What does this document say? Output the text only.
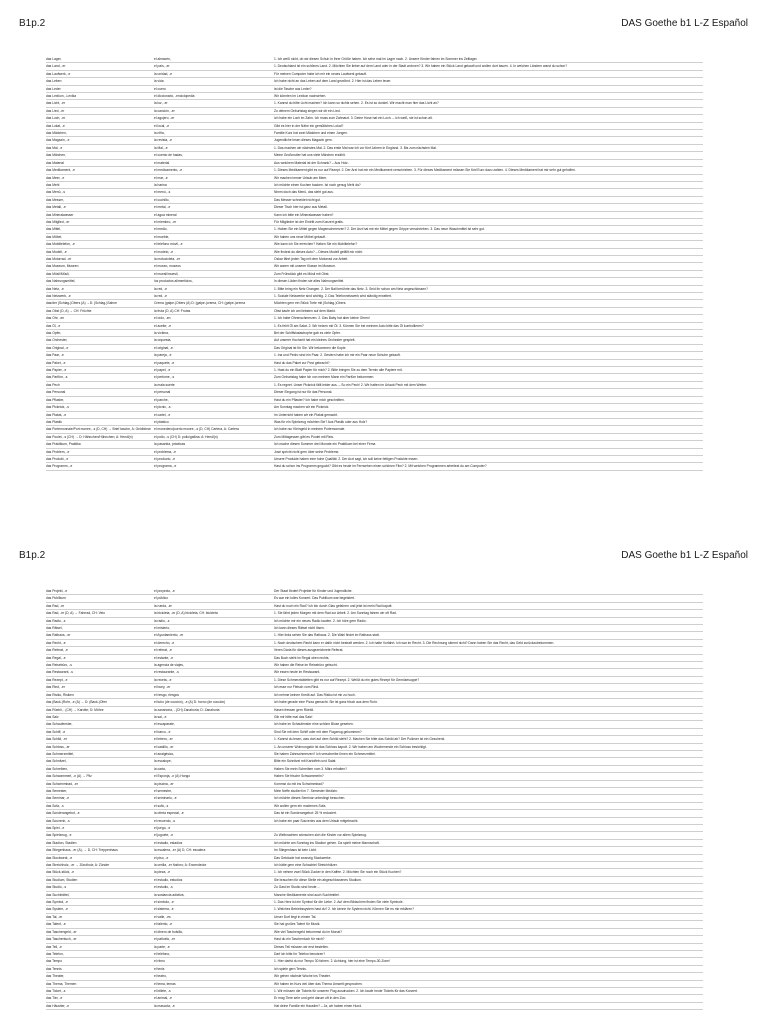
B1p.2	DAS Goethe b1 L-Z Español
das Lager,	el almacén,	1. Ich weiß nicht, ob wir diesen Schuh in Ihrer Größe haben. Ich sehe mal im Lager nach. 2. Unsere Kinder fahren im Sommer ins Zeltlager.
das Land, -er	el país, -er	1. Deutschland ist ein schönes Land. 2. Möchten Sie lieber auf dem Land oder in der Stadt wohnen? 3. Wir haben ein Stück Land gekauft und wollen dort bauen. 4. In welchen Ländern warst du schon?
das Laufwerk, -e	la unidad, -e	Für meinen Computer habe ich mir ein neues Laufwerk gekauft.
das Leben	la vida	Ich habe nicht an das Leben auf dem Land gewöhnt. 2. Hier ist das Leben teuer.
das Leder	el cuero	Ist die Tasche aus Leder?
das Lexikon, -Lexika	el diccionario, -enciclopedia	Wir könnten im Lexikon nachsehen.
das Licht, -er	la luz, -er	1. Kannst du bitte Licht machen? Ich kann so nichts sehen. 2. Es ist so dunkel. Wir macht man hier das Licht an?
das Lied, -er	la canción, -er	Zu deinem Geburtstag singen wir dir ein Lied.
das Loch, -er	el agujero, -er	Ich habe ein Loch im Zahn. Ich muss zum Zahnarzt. 3. Deine Hose hat ein Loch. – Ich weiß, sie ist schon alt.
das Lokal, -e	el local, -e	Gibt es hier in der Nähe ein gemütliches Lokal?
das Mädchen,	la niña,	Familie Kurz hat zwei Mädchen und einen Jungen.
das Magazin, -e	la revista, -e	Jugendliche lesen dieses Magazin gern.
das Mal, -e	la Mal, -e	1. Das machen wir nächstes Mal. 2. Das erste Mal war ich vor fünf Jahren in England. 3. Bis zum nächsten Mal.
das Märchen,	el cuento de hadas,	Meine Großmutter hat uns viele Märchen erzählt.
das Material	el material	Aus welchem Material ist der Schrank? – Aus Holz.
das Medikament, -e	el medicamento, -e	1. Dieses Medikament gibt es nur auf Rezept. 2. Der Arzt hat mir ein Medikament verschrieben. 3. Für dieses Medikament müssen Sie fünf Euro dazu zahlen. 4. Dieses Medikament hat mir sehr gut geholfen.
das Meer, -e	el mar, -e	Wir machen immer Urlaub am Meer.
das Mehl	la harina	Ich möchte einen Kuchen backen. Ist noch genug Mehl da?
das Menü, -s	el menú, -s	Nimm doch das Menü, das sieht gut aus.
das Messer,	el cuchillo,	Das Messer schneidet nicht gut.
das Metall, -e	el metal, -e	Dieser Tisch hier ist ganz aus Metall.
das Mineralwasser	el agua mineral	Kann ich bitte ein Mineralwasser haben?
das Mitglied, -er	el miembro, -er	Für Mitglieder ist der Eintritt zum Konzert gratis.
das Mittel,	el medio,	1. Haben Sie ein Mittel gegen Magenschmerzen? 2. Der Arzt hat mir ein Mittel gegen Grippe verschrieben. 3. Das neue Waschmittel ist sehr gut.
das Möbel,	el mueble,	Wir haben uns neue Möbel gekauft.
das Mobiltelefon, -e	el teléfono móvil, -e	Wie kann ich Sie erreichen? Haben Sie ein Mobiltelefon?
das Modell, -e	el modelo, -e	Wie findest du dieses Auto? – Dieses Modell gefällt mir nicht.
das Motorrad, -er	la motocicleta, -er	Oskar fährt jeden Tag mit dem Motorrad zur Arbeit.
das Museum, Museen	el museo, museos	Wir waren mit unserer Klasse im Museum.
das Müsli/Müsli,	el muesli/muesli,	Zum Frühstück gibt es Müsli mit Obst.
das Nahrungsmittel,	los productos alimenticios,	In diesen Läden finden sie alles Nahrungsmittel.
das Netz, -e	la red, -e	1. Bitte bring ein Netz Orangen. 2. Der Ball berührte das Netz. 3. Seid ihr schon am Netz angeschlossen?
das Netzwerk, -e	la red, -e	1. Soziale Netzwerke sind wichtig. 2. Das Telefonnetzwerk wird ständig erweitert.
das/der (Schlag-)Obers (A) →D: (Schlag-)Sahne	Crema (galpe-)Obers (A) D: (galpe-)crema, CH: (galpe-)crema	Möchten gern ein Stück Torte mit (Schlag-)Obers.
das Obst (D, A) → CH: Früchte	la fruta (D, A) CH: Frutas	Obst kaufe ich am liebsten auf dem Markt.
das Ohr, -en	el oído, -en	1. Ich habe Ohrenschmerzen. 2. Das Baby hat aber kleine Ohren!
das Öl, -e	el aceite, -e	1. Es fehlt Öl am Salat. 2. Wir heizen mit Öl. 3. Können Sie bei meinem Auto bitte das Öl kontrollieren?
das Opfer,	la víctima,	Bei der Schiffskatastrophe gab es viele Opfer.
das Orchester,	la orquesta,	Auf unserer Hochzeit hat ein kleines Orchester gespielt.
das Original, -e	el original, -e	Das Original ist für Sie. Wir bekommen die Kopie.
das Paar, -e	la pareja, -e	1. Ina und Pedro sind ein Paar. 2. Gestern habe ich mir ein Paar neue Schuhe gekauft.
das Paket, -e	el paquete, -e	Hast du das Paket zur Post gebracht?
das Papier, -e	el papel, -e	1. Hast du ein Blatt Papier für mich? 2. Bitte bringen Sie zu dem Termin alle Papiere mit.
das Parfüm, -s	el perfume, -s	Zum Geburtstag habe ich von meinem Mann ein Parfüm bekommen.
das Pech	la mala suerte	1. Es regnet. Unser Picknick fällt leider aus. – So ein Pech! 2. Wir hatten im Urlaub Pech mit dem Wetter.
das Personal	el personal	Dieser Eingang ist nur für das Personal.
das Pflaster,	el parche,	Hast du ein Pflaster? Ich habe mich geschnitten.
das Picknick, -s	el picnic, -s	Am Sonntag machen wir ein Picknick.
das Plakat, -e	el cartel, -e	Im Unterricht haben wir ein Plakat gemacht.
das Plastik	el plástico	Was für ein Spielzeug möchten Sie? Aus Plastik oder aus Holz?
das Portemonnaie/Port monee, -s (D, CH) → Brief tasche, A: Geldbörse	el monedero/puerto monee, -s (D, CH) Cartera, A: Cartera	Ich habe nur Kleingeld in meinem Portemonnaie.
das Poulet, -s (CH) → D: Hähnchen/Hühnchen; A: Hendl(n)	el pollo, -s (CH) D: pollo/gallina; A: Hendl(n)	Zum Mittagessen gibt es Poulet mit Reis.
das Praktikum, Praktika	la pasantía, prácticas	Ich mache diesen Sommer drei Monate ein Praktikum bei einer Firma
das Problem, -e	el problema, -e	José spricht nicht gern über seine Probleme.
das Produkt, -e	el producto, -e	Unsere Produkte haben eine hohe Qualität. 2. Der Arzt sagt, ich soll keine fettigen Produkte essen.
das Programm, -e	el programa, -e	Hast du schon ins Programm geguckt? Gibt es heute im Fernsehen einen schönen Film? 2. Mit welchen Programmen arbeitest du am Computer?
B1p.2	DAS Goethe b1 L-Z Español
das Projekt, -e	el proyecto, -e	Der Staat fördert Projekte für Kinder und Jugendliche.
das Publikum	el público	Es war ein tolles Konzert. Das Publikum war begeistert.
das Rad, -er	la rueda, -er	Hast du noch ein Rad? Ich bin durch Glas gefahren und jetzt ist mein Rad kaputt.
das Rad, -er (D, A) → Fahrrad, CH: Velo	la bicicleta, -er (D, A) bicicleta, CH: bicicleta	1. Sie fährt jeden Morgen mit dem Rad zur Arbeit. 2. Am Sonntag fahren wir oft Rad.
das Radio, -s	la radio, -s	Ich möchte mir ein neues Radio kaufen. 2. Ich höre gern Radio.
das Rätsel,	el misterio,	Ich kann dieses Rätsel nicht lösen.
das Rathaus, -er	el Ayuntamiento, -er	1. Hier links sehen Sie das Rathaus. 2. Die Wahl findet im Rathaus statt.
das Recht, -e	el derecho, -e	1. Nach deutschem Recht kann er dafür nicht bestraft werden. 2. Ich hatte Vorfahrt. Ich war im Recht. 3. Die Rechnung stimmt nicht? Dann haben Sie das Recht, das Geld zurückzubekommen.
das Referat, -e	el referat, -e	Veren Daria für dieses ausgezeichnete Referat.
das Regal, -e	el estante, -e	Das Buch steht im Regal oben rechts.
das Reisebüro, -s	la agencia de viajes,	Wir haben die Reise im Reisebüro gebucht.
das Restaurant, -s	el restaurante, -s	Wir essen heute im Restaurant.
das Rezept, -e	la receta, -e	1. Diese Schmerztabletten gibt es nur auf Rezept. 2. Weißt du ein gutes Rezept für Gemüsesuppe?
das Rind, -er	el buey, -er	Ich esse nur Fleisch vom Rind.
das Risiko, Risiken	el riesgo, riesgos	Ich nehme keinen Kredit auf. Das Risiko ist mir zu hoch.
das (Back-)Rohr, -e (A) → D: (Back-)Ofen	el tubo (de cocción), -e (A) D: horno (de cocción)	Ich habe gerade eine Pizza gemacht. Sie ist ganz frisch aus dem Rohr.
das Rüebli, - (CH) → Karotte; D: Möhre	la zanahoria, - (CH) Zanahoria; D: Zanahoria	Hasen fressen gern Rüebli.
das Salz	la sal, -e	Gib mir bitte mal das Salz!
das Schaufenster,	el escaparate,	Ich habe im Schaufenster eine schöne Bluse gesehen.
das Schiff, -e	el barco, -e	Sind Sie mit dem Schiff oder mit dem Flugzeug gekommen?
das Schild, -er	el letrero, -er	1. Kannst du lesen, was dort auf dem Schild steht? 2. Machen Sie bitte das Schild ab? Der Pullover ist ein Geschenk.
das Schloss, -er	el castillo, -er	1. An unserer Wohnungstür ist das Schloss kaputt. 2. Wir haben am Wochenende ein Schloss besichtigt.
das Schmerzmittel,	el analgésico,	Sie haben Zahnschmerzen? Ich verschreibe Ihnen ein Schmerzmittel.
das Schnitzel,	la escalope,	Bitte ein Schnitzel mit Kartoffeln und Salat.
das Schreiben,	la carta,	Haben Sie mein Schreiben vom 3. März erhalten?
das Schwammerl, -n (A) → Pilz	el Esponja, -n (A) Hongo	Haben Sie frische Schwammerln?
das Schwimmbad, -er	la piscina, -er	Kommst du mit ins Schwimmbad?
das Semester,	el semestre,	Mein Neffe studiert im 7. Semester Medizin.
das Seminar, -e	el seminario, -e	Ich möchte dieses Seminar unbedingt besuchen.
das Sofa, -s	el sofá, -s	Wir wollen gern ein modernes Sofa.
das Sonderangebot, -e	la oferta especial, -e	Das ist ein Sonderangebot: 25 % reduziert.
das Souvenir, -s	el recuerdo, -s	Ich habe ein paar Souvenirs aus dem Urlaub mitgebracht.
das Spiel, -e	el juego, -e	
das Spielzeug, -e	el juguete, -e	Zu Weihnachten wünschen sich die Kinder vor allem Spielzeug.
das Stadion, Stadien	el estadio, estadios	Ich möchte am Sonntag ins Stadion gehen. Da spielt meine Mannschaft.
das Stiegenhaus, -er (A), → D, CH: Treppenhaus	la escalera, -er (A) D, CH: escalera	Im Stiegenhaus ist kein Licht.
das Stockwerk, -e	el piso, -e	Das Gebäude hat zwanzig Stockwerke.
das Streichholz, -er → Zündholz; A: Zünder	la cerilla, -er fósforo; A: Encendedor	Ich hätte gern eine Schachtel Streichhölzer.
das Stück-stück, -e	la pieza, -e	1. Ich nehme zwei Stück Zucker in den Kaffee. 2. Möchten Sie noch ein Stück Kuchen?
das Studium, Studien	el estudio, estudios	Sie brauchen für diese Stelle ein abgeschlossenes Studium.
das Studio, -s	el estudio, -s	Zu Gast im Studio sind heute ...
das Suchtmittel,	la sustancia adictiva,	Manche Medikamente sind auch Suchtmittel.
das Symbol, -e	el símbolo, -e	1. Das Herz ist ein Symbol für die Liebe. 2. Auf dem Bildschirm finden Sie viele Symbole.
das System, -e	el sistema, -e	1. Welches Betriebssystem hast du? 2. Ich kenne ihr System nicht. Können Sie es mir erklären?
das Tal, -er	el valle, -es	Unser Dorf liegt in einem Tal.
das Talent, -e	el talento, -e	Sie hat großes Talent für Musik.
das Taschengeld, -er	el dinero de bolsillo,	Wie viel Taschengeld bekommst du im Monat?
das Taschentuch, -er	el pañuelo, -er	Hast du ein Taschentuch für mich?
das Teil, -e	la parte, -e	Dieses Teil müssen wir erst bestellen.
das Telefon,	el teléfono,	Darf ich bitte Ihr Telefon benutzen?
das Tempo	el ritmo	1. Hier darfst du nur Tempo 30 fahren. 2. Achtung, hier ist eine Tempo-30-Zone!
das Tennis	el tenis	Ich spiele gern Tennis.
das Theater,	el teatro,	Wir gehen nächste Woche ins Theater.
das Thema, Themen	el tema, temas	Wir haben im Kurs viel über das Thema Umwelt gesprochen.
das Ticket, -s	el billete, -s	1. Wir müssen die Tickets für unseren Flug ausdrucken. 2. Ich kaufe heute Tickets für das Konzert.
das Tier, -e	el animal, -e	Er mag Tiere sehr und geht darum oft in den Zoo.
das Häustier, -e	la mascota, -e	Hat deine Familie ein Haustier? – Ja, wir haben einen Hund.
